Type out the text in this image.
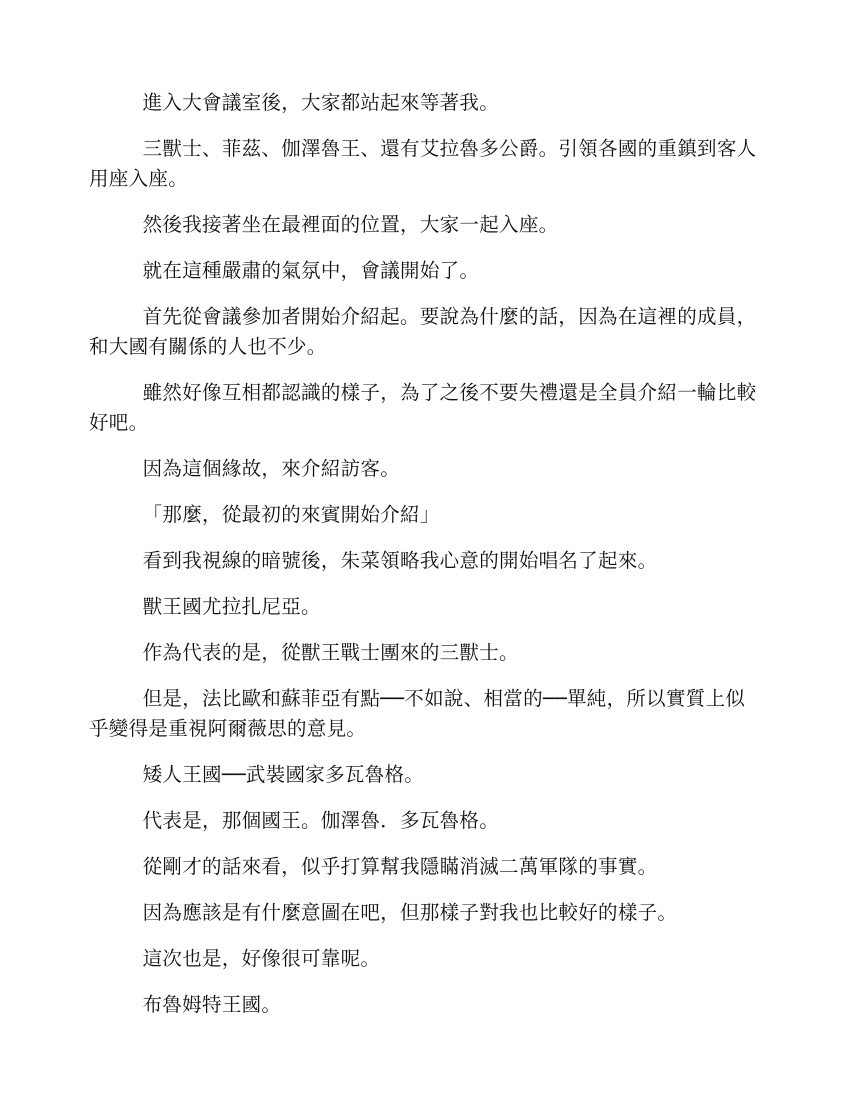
進入大會議室後，大家都站起來等著我。

三獸士、菲茲、伽澤魯王、還有艾拉魯多公爵。引領各國的重鎮到客人用座入座。

然後我接著坐在最裡面的位置，大家一起入座。

就在這種嚴肅的氣氛中，會議開始了。

首先從會議參加者開始介紹起。要說為什麼的話，因為在這裡的成員，和大國有關係的人也不少。

雖然好像互相都認識的樣子，為了之後不要失禮還是全員介紹一輪比較好吧。

因為這個緣故，來介紹訪客。

「那麼，從最初的來賓開始介紹」

看到我視線的暗號後，朱菜領略我心意的開始唱名了起來。

獸王國尤拉扎尼亞。

作為代表的是，從獸王戰士團來的三獸士。

但是，法比歐和蘇菲亞有點──不如說、相當的──單純，所以實質上似乎變得是重視阿爾薇思的意見。

矮人王國──武裝國家多瓦魯格。

代表是，那個國王。伽澤魯．多瓦魯格。

從剛才的話來看，似乎打算幫我隱瞞消滅二萬軍隊的事實。

因為應該是有什麼意圖在吧，但那樣子對我也比較好的樣子。

這次也是，好像很可靠呢。

布魯姆特王國。
